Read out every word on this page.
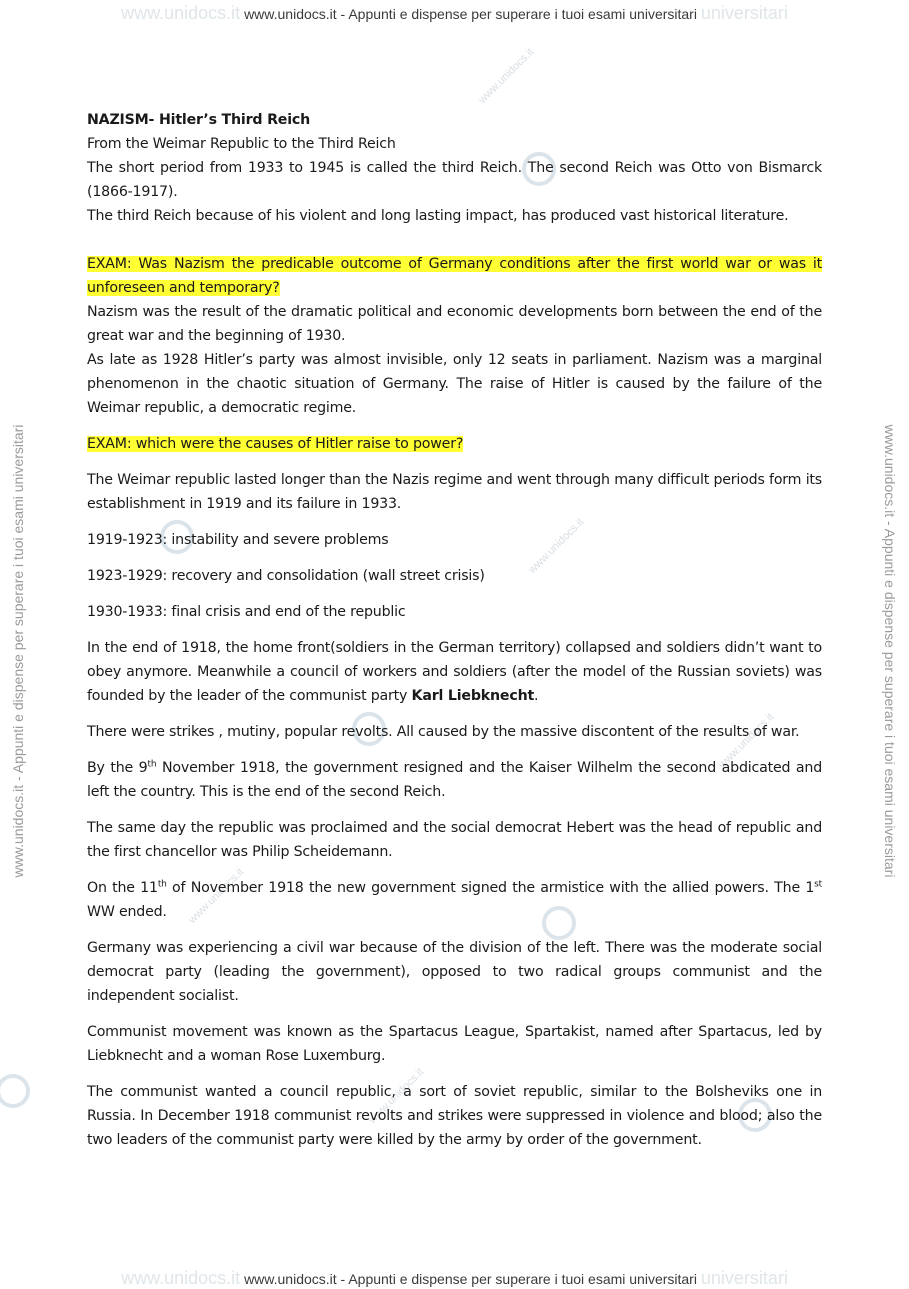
www.unidocs.it www.unidocs.it - Appunti e dispense per superare i tuoi esami universitari universitari
www.unidocs.it - Appunti e dispense per superare i tuoi esami universitari	www.unidocs.it - Appunti e dispense per superare i tuoi esami universitari
www.unidocs.it
www.unidocs.it
www.unidocs.it
www.unidocs.it
www.unidocs.it

NAZISM- Hitler’s Third Reich

From the Weimar Republic to the Third Reich

The short period from 1933 to 1945 is called the third Reich. The second Reich was Otto von Bismarck (1866-1917).

The third Reich because of his violent and long lasting impact, has produced vast historical literature.

EXAM: Was Nazism the predicable outcome of Germany conditions after the first world war or was it unforeseen and temporary?

Nazism was the result of the dramatic political and economic developments born between the end of the great war and the beginning of 1930.

As late as 1928 Hitler’s party was almost invisible, only 12 seats in parliament. Nazism was a marginal phenomenon in the chaotic situation of Germany. The raise of Hitler is caused by the failure of the Weimar republic, a democratic regime.

EXAM: which were the causes of Hitler raise to power?

The Weimar republic lasted longer than the Nazis regime and went through many difficult periods form its establishment in 1919 and its failure in 1933.

1919-1923: instability and severe problems

1923-1929: recovery and consolidation (wall street crisis)

1930-1933: final crisis and end of the republic

In the end of 1918, the home front(soldiers in the German territory) collapsed and soldiers didn’t want to obey anymore. Meanwhile a council of workers and soldiers (after the model of the Russian soviets) was founded by the leader of the communist party Karl Liebknecht.

There were strikes , mutiny, popular revolts. All caused by the massive discontent of the results of war.

By the 9th November 1918, the government resigned and the Kaiser Wilhelm the second abdicated and left the country. This is the end of the second Reich.

The same day the republic was proclaimed and the social democrat Hebert was the head of republic and the first chancellor was Philip Scheidemann.

On the 11th of November 1918 the new government signed the armistice with the allied powers. The 1st WW ended.

Germany was experiencing a civil war because of the division of the left. There was the moderate social democrat party (leading the government), opposed to two radical groups communist and the independent socialist.

Communist movement was known as the Spartacus League, Spartakist, named after Spartacus, led by Liebknecht and a woman Rose Luxemburg.

The communist wanted a council republic, a sort of soviet republic, similar to the Bolsheviks one in Russia. In December 1918 communist revolts and strikes were suppressed in violence and blood; also the two leaders of the communist party were killed by the army by order of the government.

www.unidocs.it www.unidocs.it - Appunti e dispense per superare i tuoi esami universitari universitari
